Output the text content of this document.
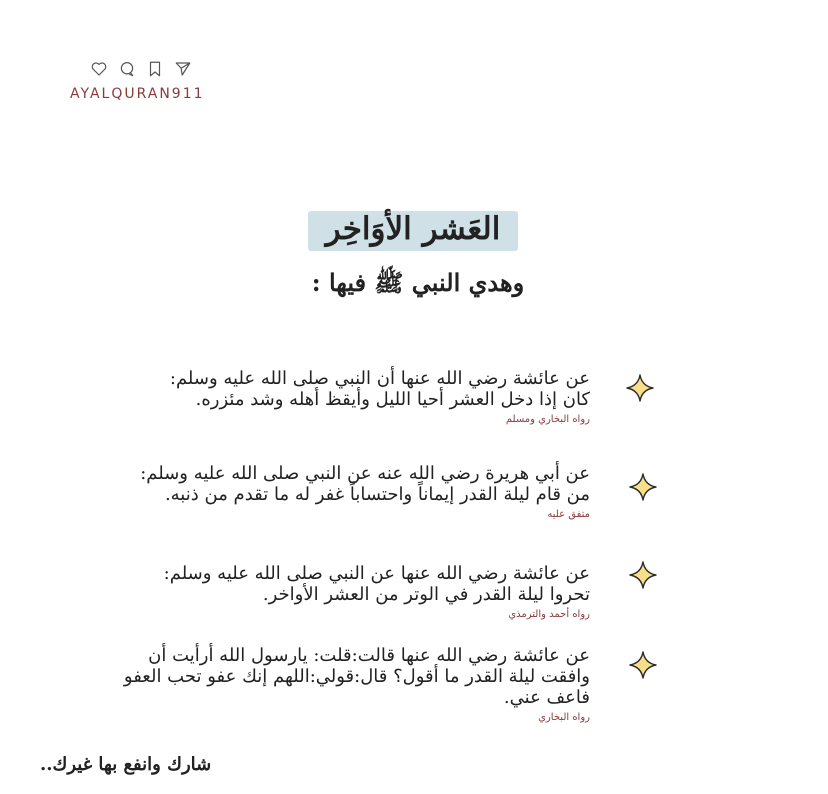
AYALQURAN911
العَشر الأوَاخِر
وهدي النبي ﷺ فيها :
عن عائشة رضي الله عنها أن النبي صلى الله عليه وسلم:
كان إذا دخل العشر أحيا الليل وأيقظ أهله وشد مئزره.
رواه البخاري ومسلم
عن أبي هريرة رضي الله عنه عن النبي صلى الله عليه وسلم:
من قام ليلة القدر إيماناً واحتساباً غفر له ما تقدم من ذنبه.
متفق عليه
عن عائشة رضي الله عنها عن النبي صلى الله عليه وسلم:
تحروا ليلة القدر في الوتر من العشر الأواخر.
رواه أحمد والترمذي
عن عائشة رضي الله عنها قالت:قلت: يارسول الله أرأيت أن
وافقت ليلة القدر ما أقول؟ قال:قولي:اللهم إنك عفو تحب العفو
فاعف عني.
رواه البخاري
شارك وانفع بها غيرك..
